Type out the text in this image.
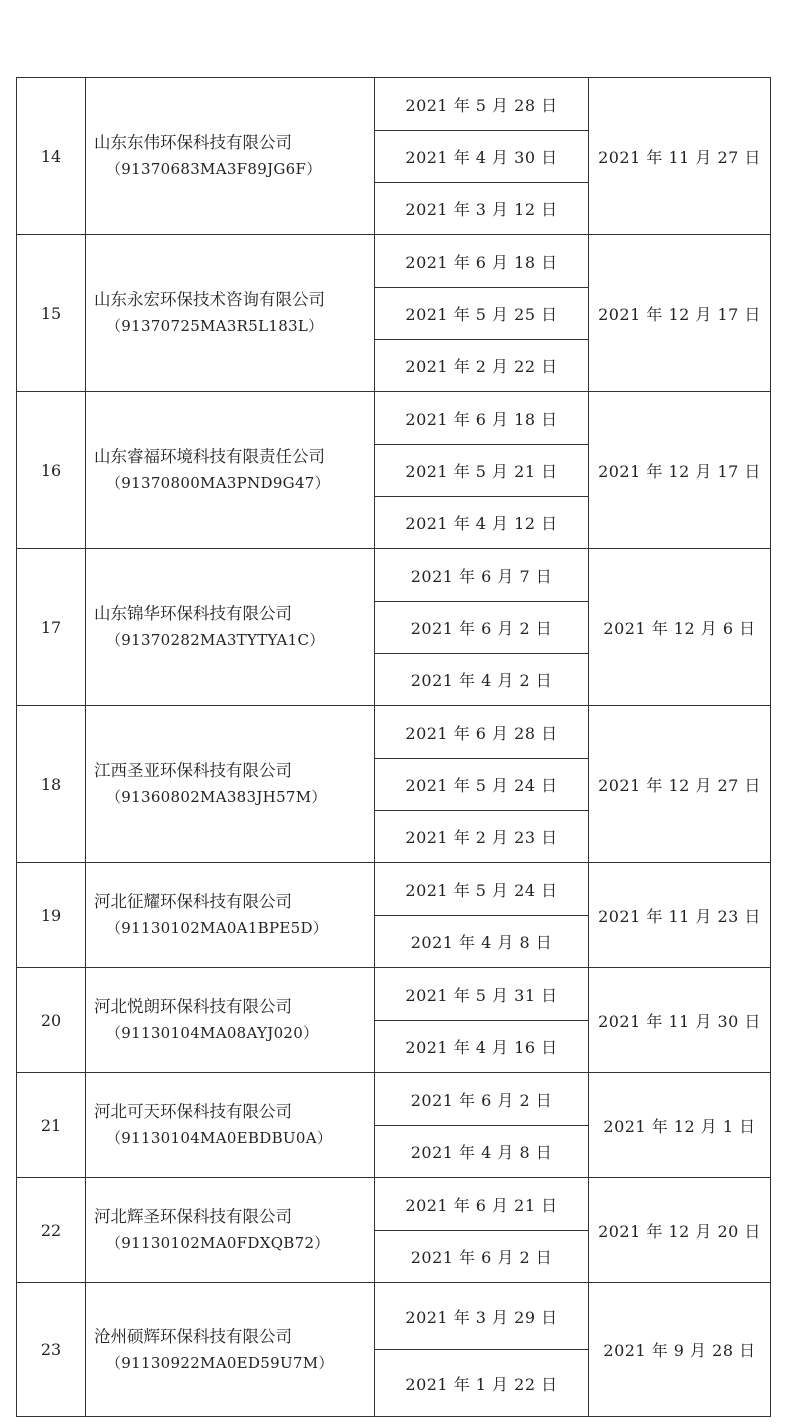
14	山东东伟环保科技有限公司
（91370683MA3F89JG6F）	2021 年 5 月 28 日	2021 年 11 月 27 日
		2021 年 4 月 30 日	
		2021 年 3 月 12 日	
15	山东永宏环保技术咨询有限公司
（91370725MA3R5L183L）	2021 年 6 月 18 日	2021 年 12 月 17 日
		2021 年 5 月 25 日	
		2021 年 2 月 22 日	
16	山东睿福环境科技有限责任公司
（91370800MA3PND9G47）	2021 年 6 月 18 日	2021 年 12 月 17 日
		2021 年 5 月 21 日	
		2021 年 4 月 12 日	
17	山东锦华环保科技有限公司
（91370282MA3TYTYA1C）	2021 年 6 月 7 日	2021 年 12 月 6 日
		2021 年 6 月 2 日	
		2021 年 4 月 2 日	
18	江西圣亚环保科技有限公司
（91360802MA383JH57M）	2021 年 6 月 28 日	2021 年 12 月 27 日
		2021 年 5 月 24 日	
		2021 年 2 月 23 日	
19	河北征耀环保科技有限公司
（91130102MA0A1BPE5D）	2021 年 5 月 24 日	2021 年 11 月 23 日
		2021 年 4 月 8 日	
20	河北悦朗环保科技有限公司
（91130104MA08AYJ020）	2021 年 5 月 31 日	2021 年 11 月 30 日
		2021 年 4 月 16 日	
21	河北可天环保科技有限公司
（91130104MA0EBDBU0A）	2021 年 6 月 2 日	2021 年 12 月 1 日
		2021 年 4 月 8 日	
22	河北辉圣环保科技有限公司
（91130102MA0FDXQB72）	2021 年 6 月 21 日	2021 年 12 月 20 日
		2021 年 6 月 2 日	
23	沧州硕辉环保科技有限公司
（91130922MA0ED59U7M）	2021 年 3 月 29 日	2021 年 9 月 28 日
		2021 年 1 月 22 日	
